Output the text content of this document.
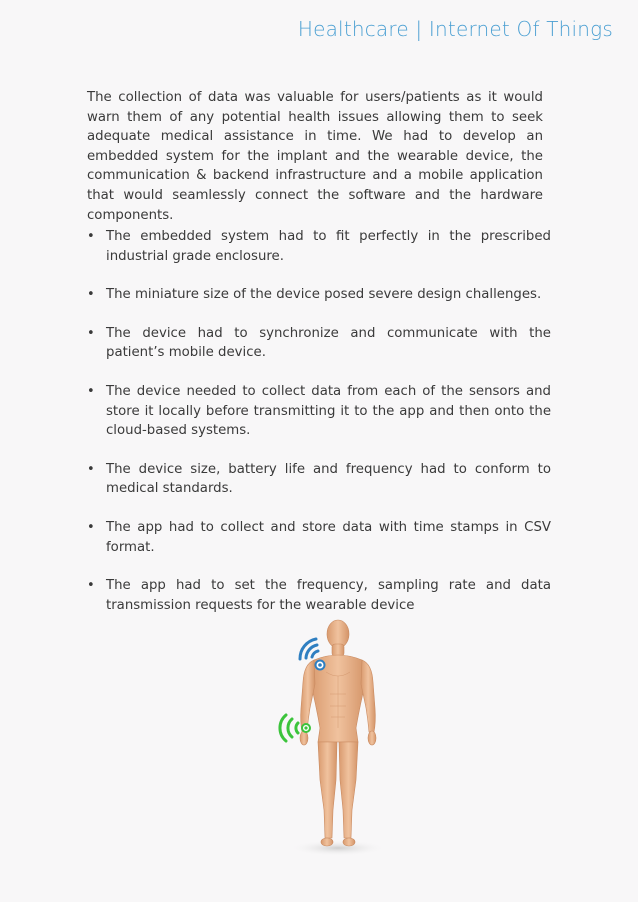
Healthcare | Internet Of Things

The collection of data was valuable for users/patients as it would warn them of any potential health issues allowing them to seek adequate medical assistance in time. We had to develop an embedded system for the implant and the wearable device, the communication & backend infrastructure and a mobile application that would seamlessly connect the software and the hardware components.

• The embedded system had to fit perfectly in the prescribed industrial grade enclosure.
• The miniature size of the device posed severe design challenges.
• The device had to synchronize and communicate with the patient’s mobile device.
• The device needed to collect data from each of the sensors and store it locally before transmitting it to the app and then onto the cloud-based systems.
• The device size, battery life and frequency had to conform to medical standards.
• The app had to collect and store data with time stamps in CSV format.
• The app had to set the frequency, sampling rate and data transmission requests for the wearable device
